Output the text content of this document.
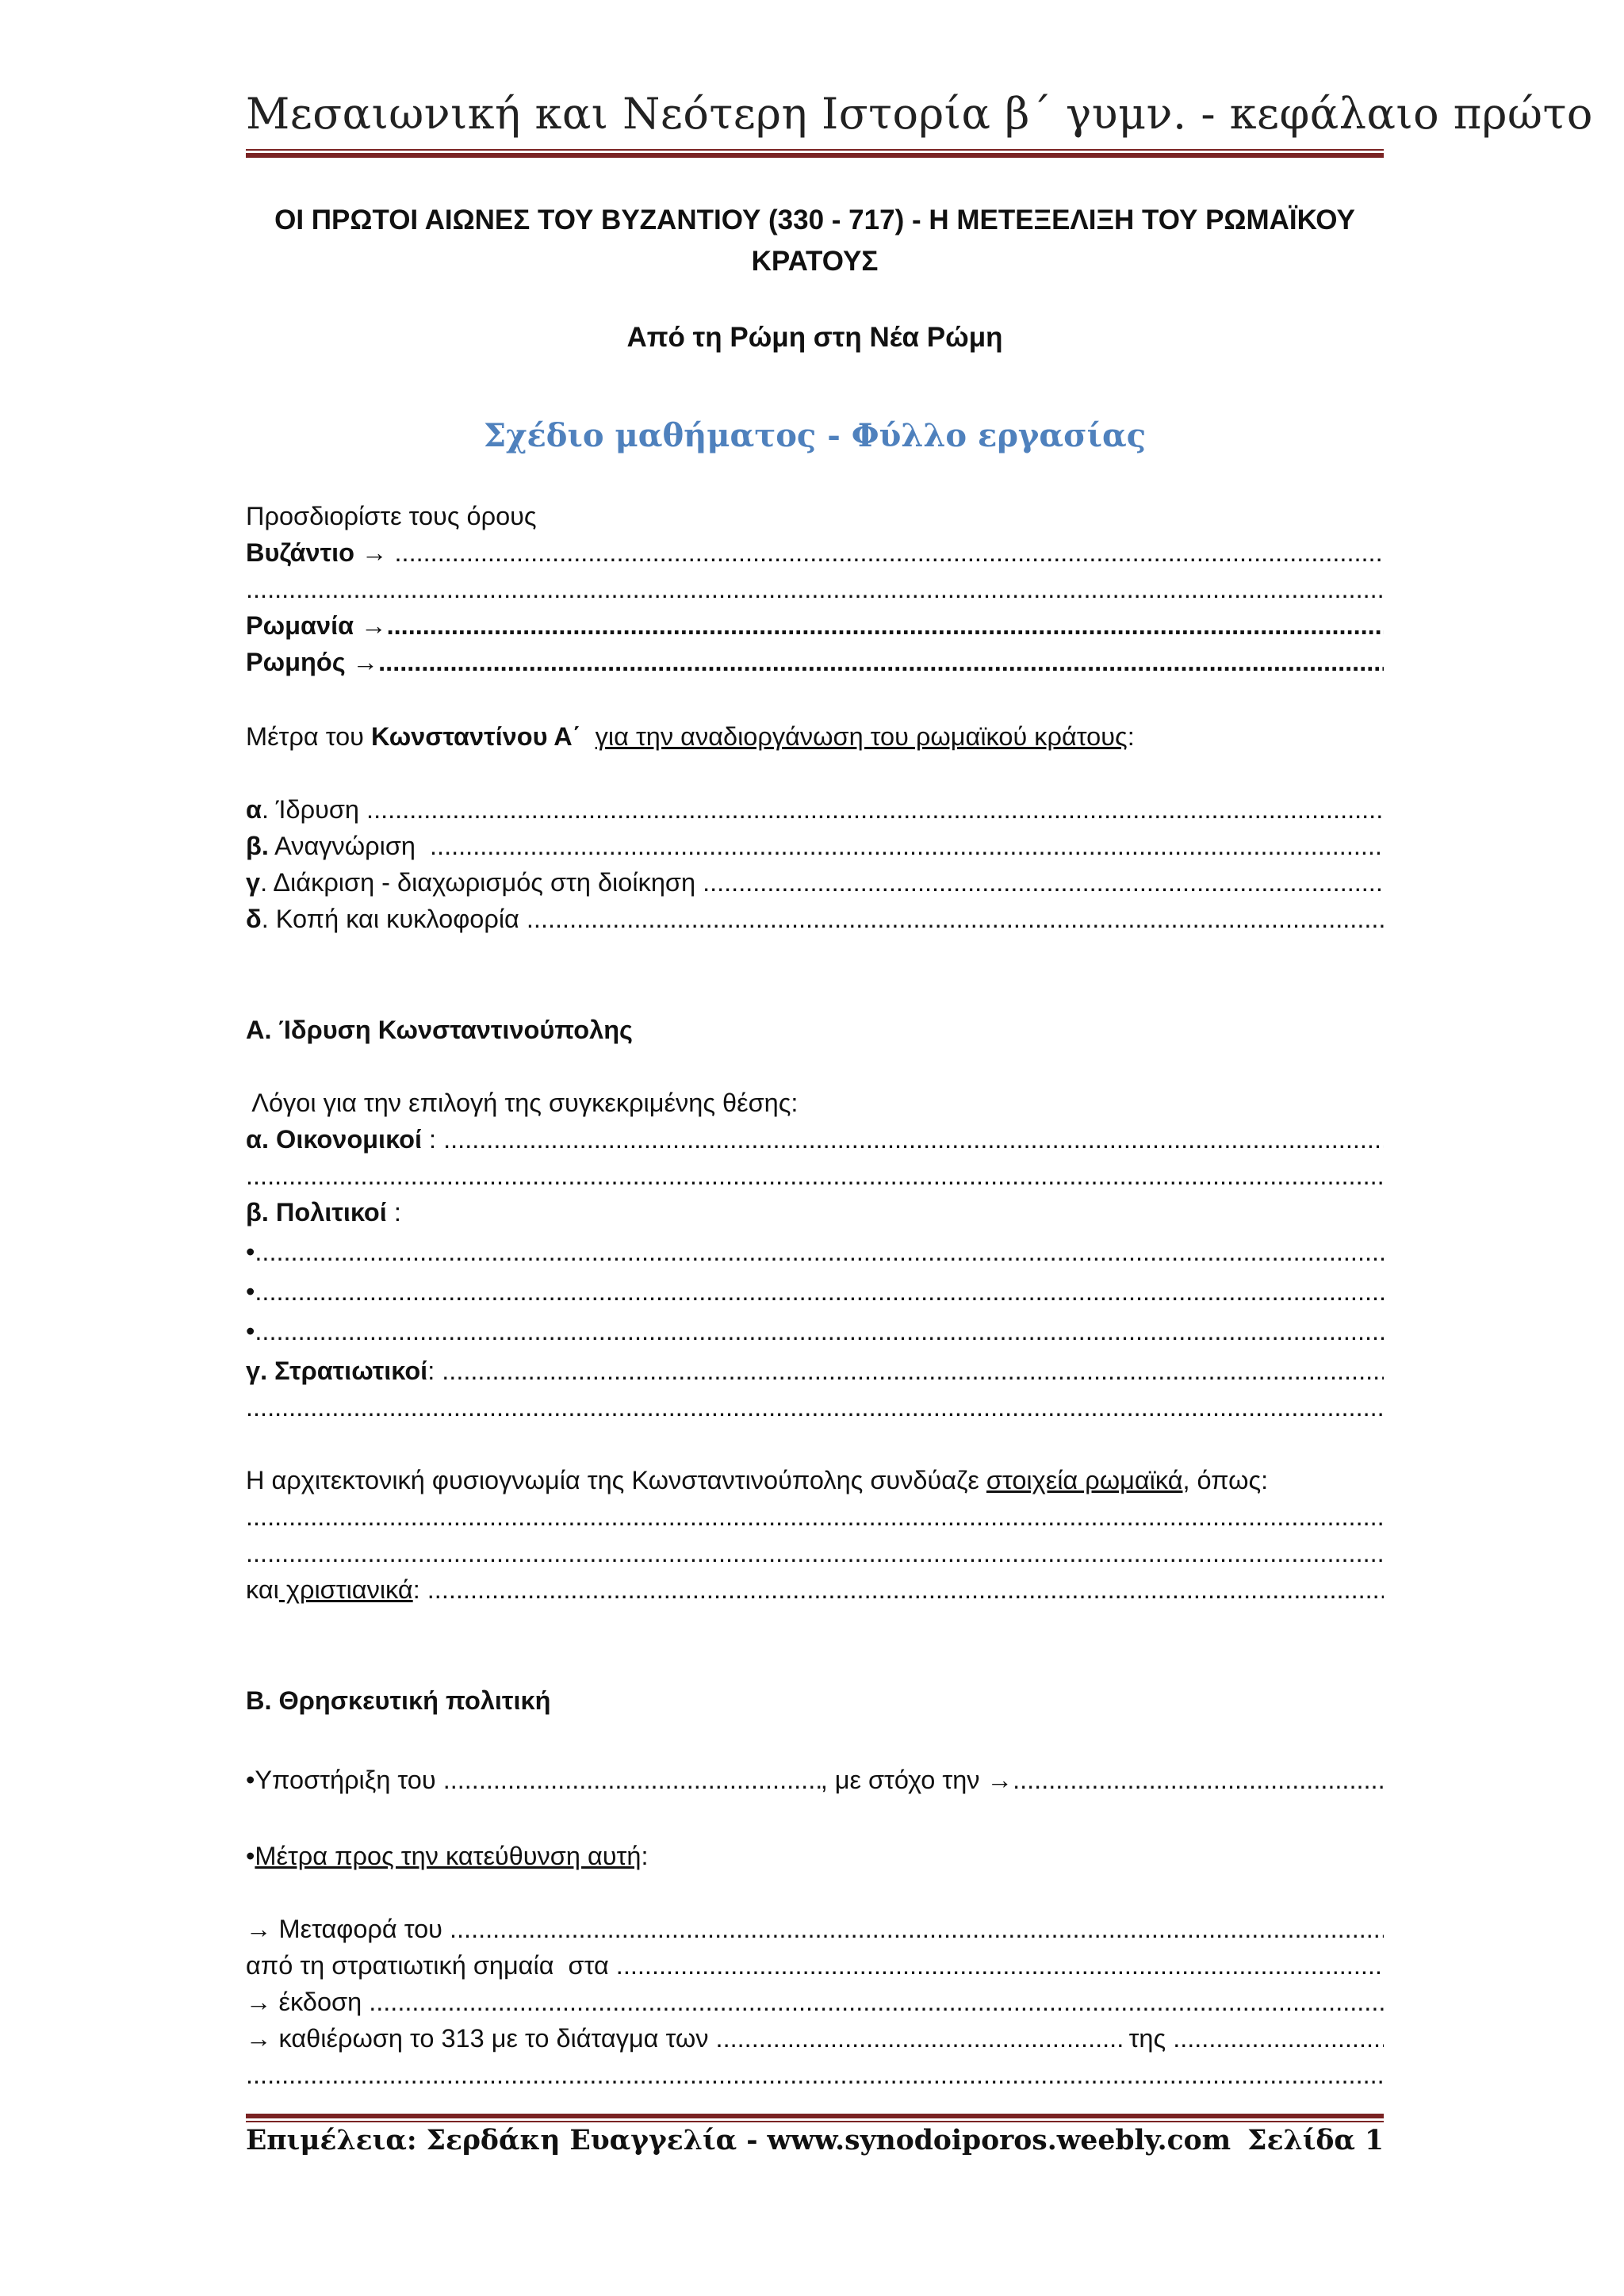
Μεσαιωνική και Νεότερη Ιστορία β΄ γυμν. - κεφάλαιο πρώτο
ΟΙ ΠΡΩΤΟΙ ΑΙΩΝΕΣ ΤΟΥ ΒΥΖΑΝΤΙΟΥ (330 - 717) - Η ΜΕΤΕΞΕΛΙΞΗ ΤΟΥ ΡΩΜΑΪΚΟΥ
ΚΡΑΤΟΥΣ
Από τη Ρώμη στη Νέα Ρώμη
Σχέδιο μαθήματος - Φύλλο εργασίας
Προσδιορίστε τους όρους
Βυζάντιο →

.....
.....
Ρωμανία →
.....
Ρωμηός →
.....
Μέτρα του Κωνσταντίνου Α΄ για την αναδιοργάνωση του ρωμαϊκού κράτους:
α . Ίδρυση
.....
β. Αναγνώριση
.....
γ . Διάκριση - διαχωρισμός στη διοίκηση
.....
δ . Κοπή και κυκλοφορία
.....
Α. Ίδρυση Κωνσταντινούπολης
Λόγοι για την επιλογή της συγκεκριμένης θέσης:
α. Οικονομικοί :
.....
.....
β. Πολιτικοί :
•
.....
•
.....
•
.....
γ. Στρατιωτικοί :
.....
.....
Η αρχιτεκτονική φυσιογνωμία της Κωνσταντινούπολης συνδύαζε στοιχεία ρωμαϊκά, όπως:
.....
.....
και χριστιανικά :
.....
Β. Θρησκευτική πολιτική
•Υποστήριξη του .....	, με στόχο την →
.....
•Μέτρα προς την κατεύθυνση αυτή:
→ Μεταφορά του
.....
από τη στρατιωτική σημαία  στα
.....
→ έκδοση
.....
→ καθιέρωση το 313 με το διάταγμα των .....	της
.....
.....
Επιμέλεια: Σερδάκη Ευαγγελία - www.synodoiporos.weebly.com Σελίδα 1
